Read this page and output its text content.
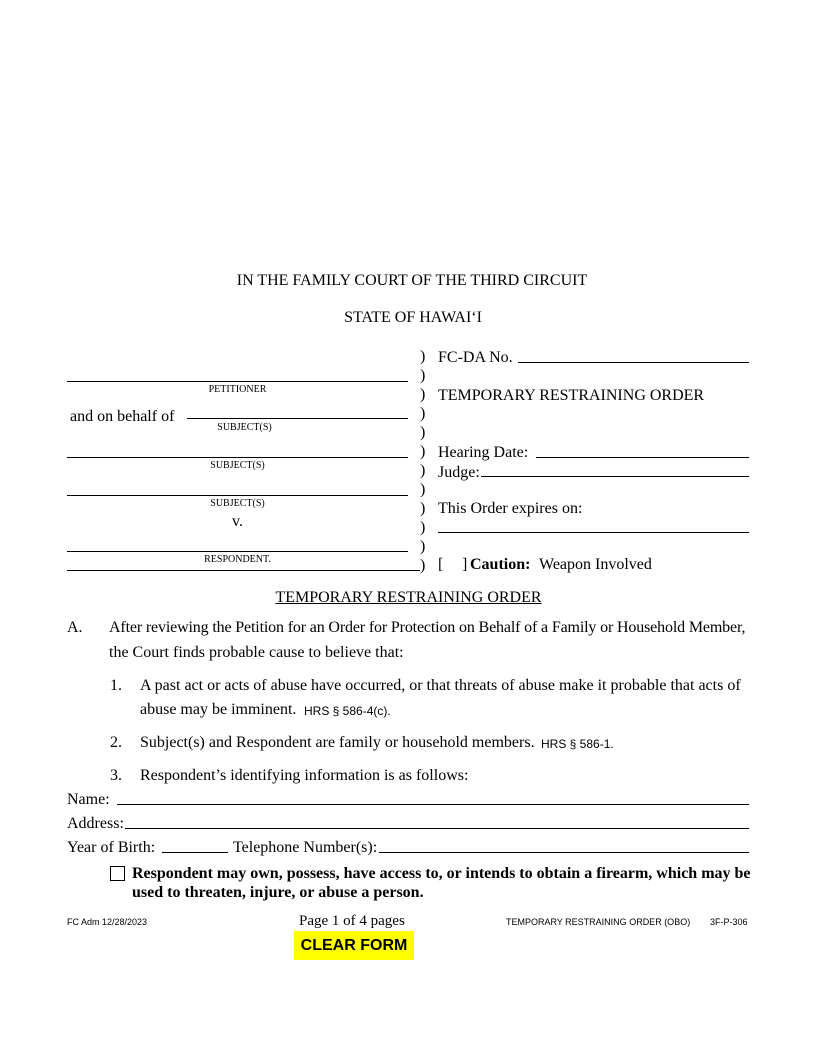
IN THE FAMILY COURT OF THE THIRD CIRCUIT
STATE OF HAWAI‘I
PETITIONER
and on behalf of
SUBJECT(S)
SUBJECT(S)
SUBJECT(S)
v.
RESPONDENT.
)
)
)
)
)
)
)
)
)
)
)
)
FC-DA No.
TEMPORARY RESTRAINING ORDER
Hearing Date:
Judge:
This Order expires on:
[ ] Caution: Weapon Involved
TEMPORARY RESTRAINING ORDER
A. After reviewing the Petition for an Order for Protection on Behalf of a Family or Household Member,
the Court finds probable cause to believe that:
1. A past act or acts of abuse have occurred, or that threats of abuse make it probable that acts of
abuse may be imminent. HRS § 586-4(c).
2. Subject(s) and Respondent are family or household members. HRS § 586-1.
3. Respondent’s identifying information is as follows:
Name:
Address:
Year of Birth:	Telephone Number(s):
Respondent may own, possess, have access to, or intends to obtain a firearm, which may be
used to threaten, injure, or abuse a person.
FC Adm 12/28/2023	Page 1 of 4 pages	TEMPORARY RESTRAINING ORDER (OBO) 3F-P-306
CLEAR FORM
